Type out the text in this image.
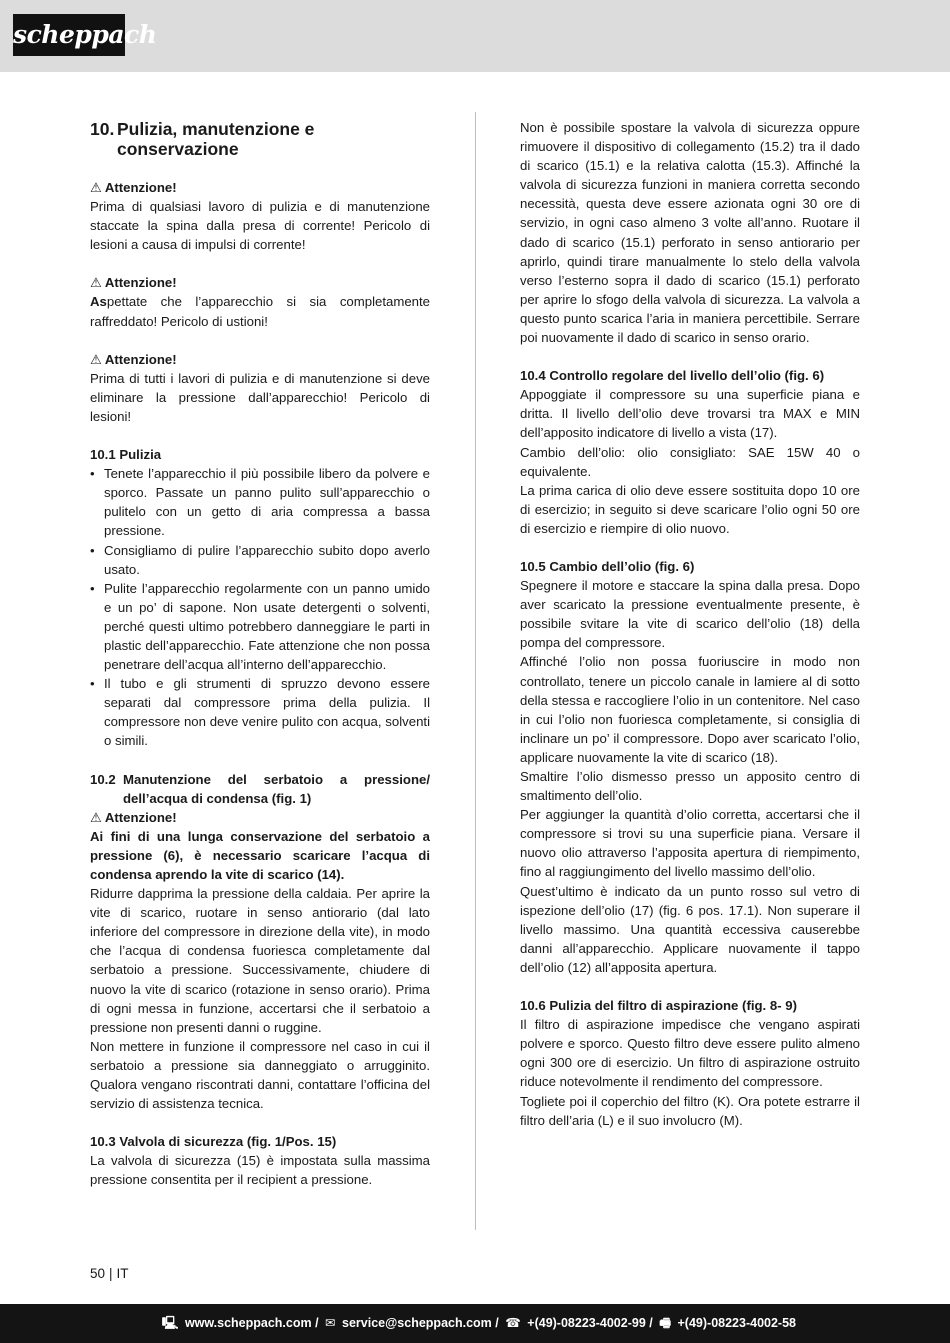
scheppach
10. Pulizia, manutenzione e conservazione
⚠ Attenzione!

Prima di qualsiasi lavoro di pulizia e di manutenzione staccate la spina dalla presa di corrente! Pericolo di lesioni a causa di impulsi di corrente!

⚠ Attenzione!

Aspettate che l’apparecchio si sia completamente raffreddato! Pericolo di ustioni!

⚠ Attenzione!

Prima di tutti i lavori di pulizia e di manutenzione si deve eliminare la pressione dall’apparecchio! Pericolo di lesioni!

10.1 Pulizia
• Tenete l’apparecchio il più possibile libero da polvere e sporco. Passate un panno pulito sull’apparecchio o pulitelo con un getto di aria compressa a bassa pressione.
• Consigliamo di pulire l’apparecchio subito dopo averlo usato.
• Pulite l’apparecchio regolarmente con un panno umido e un po’ di sapone. Non usate detergenti o solventi, perché questi ultimo potrebbero danneggiare le parti in plastic dell’apparecchio. Fate attenzione che non possa penetrare dell’acqua all’interno dell’apparecchio.
• Il tubo e gli strumenti di spruzzo devono essere separati dal compressore prima della pulizia. Il compressore non deve venire pulito con acqua, solventi o simili.
10.2 Manutenzione del serbatoio a pressione/ dell’acqua di condensa (fig. 1)
⚠ Attenzione!

Ai fini di una lunga conservazione del serbatoio a pressione (6), è necessario scaricare l’acqua di condensa aprendo la vite di scarico (14).

Ridurre dapprima la pressione della caldaia. Per aprire la vite di scarico, ruotare in senso antiorario (dal lato inferiore del compressore in direzione della vite), in modo che l’acqua di condensa fuoriesca completamente dal serbatoio a pressione. Successivamente, chiudere di nuovo la vite di scarico (rotazione in senso orario). Prima di ogni messa in funzione, accertarsi che il serbatoio a pressione non presenti danni o ruggine.

Non mettere in funzione il compressore nel caso in cui il serbatoio a pressione sia danneggiato o arrugginito. Qualora vengano riscontrati danni, contattare l’officina del servizio di assistenza tecnica.

10.3 Valvola di sicurezza (fig. 1/Pos. 15)

La valvola di sicurezza (15) è impostata sulla massima pressione consentita per il recipient a pressione.

Non è possibile spostare la valvola di sicurezza oppure rimuovere il dispositivo di collegamento (15.2) tra il dado di scarico (15.1) e la relativa calotta (15.3). Affinché la valvola di sicurezza funzioni in maniera corretta secondo necessità, questa deve essere azionata ogni 30 ore di servizio, in ogni caso almeno 3 volte all’anno. Ruotare il dado di scarico (15.1) perforato in senso antiorario per aprirlo, quindi tirare manualmente lo stelo della valvola verso l’esterno sopra il dado di scarico (15.1) perforato per aprire lo sfogo della valvola di sicurezza. La valvola a questo punto scarica l’aria in maniera percettibile. Serrare poi nuovamente il dado di scarico in senso orario.

10.4 Controllo regolare del livello dell’olio (fig. 6)

Appoggiate il compressore su una superficie piana e dritta. Il livello dell’olio deve trovarsi tra MAX e MIN dell’apposito indicatore di livello a vista (17).

Cambio dell’olio: olio consigliato: SAE 15W 40 o equivalente.

La prima carica di olio deve essere sostituita dopo 10 ore di esercizio; in seguito si deve scaricare l’olio ogni 50 ore di esercizio e riempire di olio nuovo.

10.5 Cambio dell’olio (fig. 6)

Spegnere il motore e staccare la spina dalla presa. Dopo aver scaricato la pressione eventualmente presente, è possibile svitare la vite di scarico dell’olio (18) della pompa del compressore.

Affinché l’olio non possa fuoriuscire in modo non controllato, tenere un piccolo canale in lamiere al di sotto della stessa e raccogliere l’olio in un contenitore. Nel caso in cui l’olio non fuoriesca completamente, si consiglia di inclinare un po’ il compressore. Dopo aver scaricato l’olio, applicare nuovamente la vite di scarico (18).

Smaltire l’olio dismesso presso un apposito centro di smaltimento dell’olio.

Per aggiunger la quantità d’olio corretta, accertarsi che il compressore si trovi su una superficie piana. Versare il nuovo olio attraverso l’apposita apertura di riempimento, fino al raggiungimento del livello massimo dell’olio.

Quest’ultimo è indicato da un punto rosso sul vetro di ispezione dell’olio (17) (fig. 6 pos. 17.1). Non superare il livello massimo. Una quantità eccessiva causerebbe danni all’apparecchio. Applicare nuovamente il tappo dell’olio (12) all’apposita apertura.

10.6 Pulizia del filtro di aspirazione (fig. 8- 9)

Il filtro di aspirazione impedisce che vengano aspirati polvere e sporco. Questo filtro deve essere pulito almeno ogni 300 ore di esercizio. Un filtro di aspirazione ostruito riduce notevolmente il rendimento del compressore.

Togliete poi il coperchio del filtro (K). Ora potete estrarre il filtro dell’aria (L) e il suo involucro (M).

50 | IT
🖳 www.scheppach.com / ✉ service@scheppach.com / ☎ +(49)-08223-4002-99 / 🖷 +(49)-08223-4002-58
